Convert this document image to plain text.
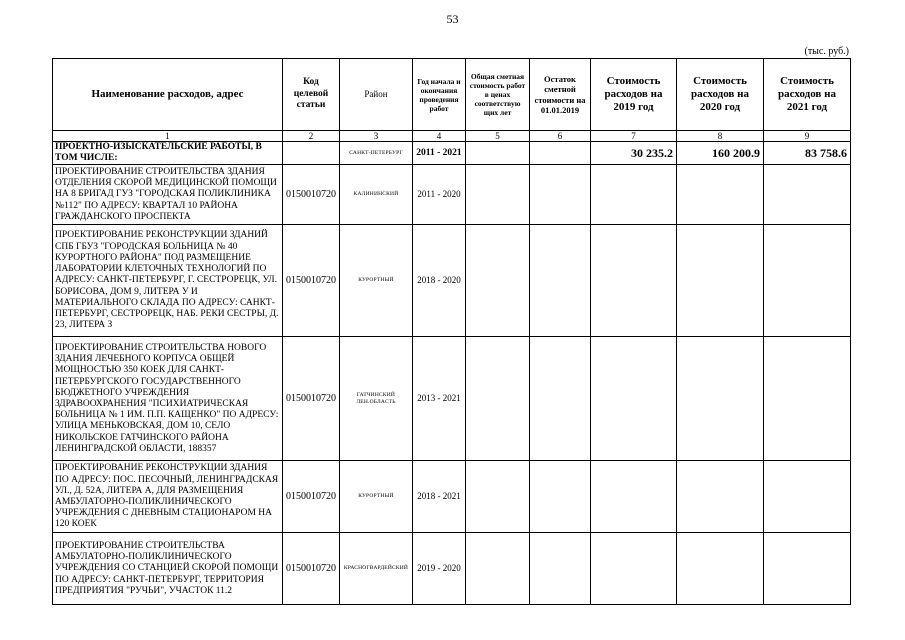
53
(тыс. руб.)
Наименование расходов, адрес	Код целевой статьи	Район	Год начала и окончания проведения работ	Общая сметная стоимость работ в ценах соответствую щих лет	Остаток сметной стоимости на 01.01.2019	Стоимость расходов на 2019 год	Стоимость расходов на 2020 год	Стоимость расходов на 2021 год
1	2	3	4	5	6	7	8	9
ПРОЕКТНО-ИЗЫСКАТЕЛЬСКИЕ РАБОТЫ, В ТОМ ЧИСЛЕ:		САНКТ-ПЕТЕРБУРГ	2011 - 2021			30 235.2	160 200.9	83 758.6
ПРОЕКТИРОВАНИЕ СТРОИТЕЛЬСТВА ЗДАНИЯ ОТДЕЛЕНИЯ СКОРОЙ МЕДИЦИНСКОЙ ПОМОЩИ НА 8 БРИГАД ГУЗ "ГОРОДСКАЯ ПОЛИКЛИНИКА №112" ПО АДРЕСУ: КВАРТАЛ 10 РАЙОНА ГРАЖДАНСКОГО ПРОСПЕКТА	0150010720	КАЛИНИНСКИЙ	2011 - 2020					
ПРОЕКТИРОВАНИЕ РЕКОНСТРУКЦИИ ЗДАНИЙ СПБ ГБУЗ "ГОРОДСКАЯ БОЛЬНИЦА № 40 КУРОРТНОГО РАЙОНА" ПОД РАЗМЕЩЕНИЕ ЛАБОРАТОРИИ КЛЕТОЧНЫХ ТЕХНОЛОГИЙ ПО АДРЕСУ: САНКТ-ПЕТЕРБУРГ, Г. СЕСТРОРЕЦК, УЛ. БОРИСОВА, ДОМ 9, ЛИТЕРА У И МАТЕРИАЛЬНОГО СКЛАДА ПО АДРЕСУ: САНКТ-ПЕТЕРБУРГ, СЕСТРОРЕЦК, НАБ. РЕКИ СЕСТРЫ, Д. 23, ЛИТЕРА З	0150010720	КУРОРТНЫЙ	2018 - 2020					
ПРОЕКТИРОВАНИЕ СТРОИТЕЛЬСТВА НОВОГО ЗДАНИЯ ЛЕЧЕБНОГО КОРПУСА ОБЩЕЙ МОЩНОСТЬЮ 350 КОЕК ДЛЯ САНКТ-ПЕТЕРБУРГСКОГО ГОСУДАРСТВЕННОГО БЮДЖЕТНОГО УЧРЕЖДЕНИЯ ЗДРАВООХРАНЕНИЯ "ПСИХИАТРИЧЕСКАЯ БОЛЬНИЦА № 1 ИМ. П.П. КАЩЕНКО" ПО АДРЕСУ: УЛИЦА МЕНЬКОВСКАЯ, ДОМ 10, СЕЛО НИКОЛЬСКОЕ ГАТЧИНСКОГО РАЙОНА ЛЕНИНГРАДСКОЙ ОБЛАСТИ, 188357	0150010720	ГАТЧИНСКИЙ ЛЕН.ОБЛАСТЬ	2013 - 2021					
ПРОЕКТИРОВАНИЕ РЕКОНСТРУКЦИИ ЗДАНИЯ ПО АДРЕСУ: ПОС. ПЕСОЧНЫЙ, ЛЕНИНГРАДСКАЯ УЛ., Д. 52А, ЛИТЕРА А, ДЛЯ РАЗМЕЩЕНИЯ АМБУЛАТОРНО-ПОЛИКЛИНИЧЕСКОГО УЧРЕЖДЕНИЯ С ДНЕВНЫМ СТАЦИОНАРОМ НА 120 КОЕК	0150010720	КУРОРТНЫЙ	2018 - 2021					
ПРОЕКТИРОВАНИЕ СТРОИТЕЛЬСТВА АМБУЛАТОРНО-ПОЛИКЛИНИЧЕСКОГО УЧРЕЖДЕНИЯ СО СТАНЦИЕЙ СКОРОЙ ПОМОЩИ ПО АДРЕСУ: САНКТ-ПЕТЕРБУРГ, ТЕРРИТОРИЯ ПРЕДПРИЯТИЯ "РУЧЬИ", УЧАСТОК 11.2	0150010720	КРАСНОГВАРДЕЙСКИЙ	2019 - 2020					
